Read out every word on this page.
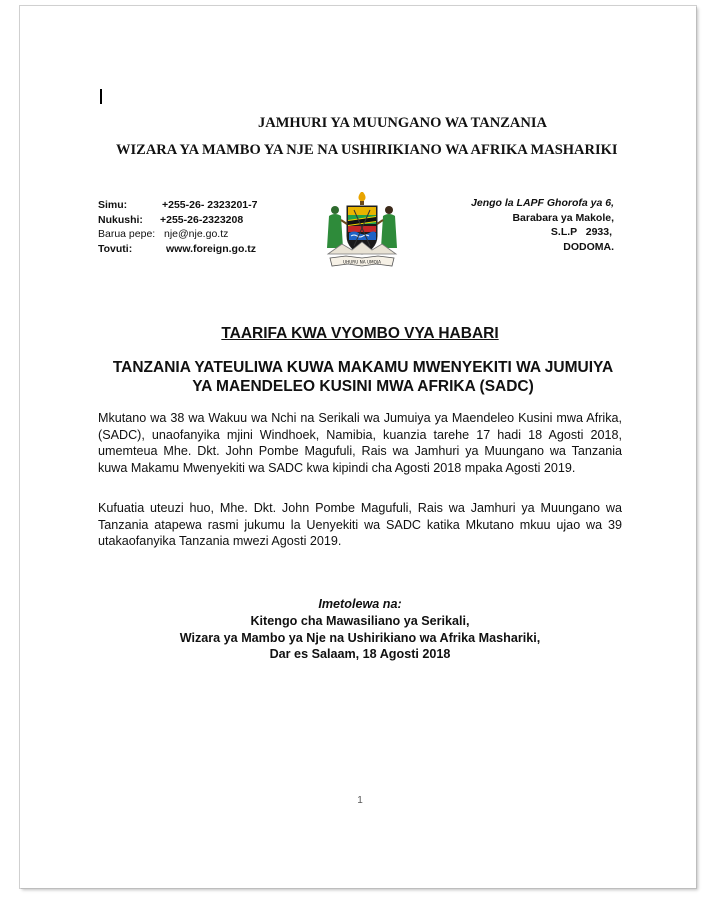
JAMHURI YA MUUNGANO WA TANZANIA
WIZARA YA MAMBO YA NJE NA USHIRIKIANO WA AFRIKA MASHARIKI
Simu:	+255-26- 2323201-7
Nukushi: +255-26-2323208
Barua pepe: nje@nje.go.tz
Tovuti:	www.foreign.go.tz
UHURU NA UMOJA
Jengo la LAPF Ghorofa ya 6,
Barabara ya Makole,
S.L.P   2933,
DODOMA.
TAARIFA KWA VYOMBO VYA HABARI
TANZANIA YATEULIWA KUWA MAKAMU MWENYEKITI WA JUMUIYA
YA MAENDELEO KUSINI MWA AFRIKA (SADC)

Mkutano wa 38 wa Wakuu wa Nchi na Serikali wa Jumuiya ya Maendeleo Kusini mwa Afrika, (SADC), unaofanyika mjini Windhoek, Namibia, kuanzia tarehe 17 hadi 18 Agosti 2018, umemteua Mhe. Dkt. John Pombe Magufuli, Rais wa Jamhuri ya Muungano wa Tanzania kuwa Makamu Mwenyekiti wa SADC kwa kipindi cha Agosti 2018 mpaka Agosti 2019.

Kufuatia uteuzi huo, Mhe. Dkt. John Pombe Magufuli, Rais wa Jamhuri ya Muungano wa Tanzania atapewa rasmi jukumu la Uenyekiti wa SADC katika Mkutano mkuu ujao wa 39 utakaofanyika Tanzania mwezi Agosti 2019.

Imetolewa na:
Kitengo cha Mawasiliano ya Serikali,
Wizara ya Mambo ya Nje na Ushirikiano wa Afrika Mashariki,
Dar es Salaam, 18 Agosti 2018
1
